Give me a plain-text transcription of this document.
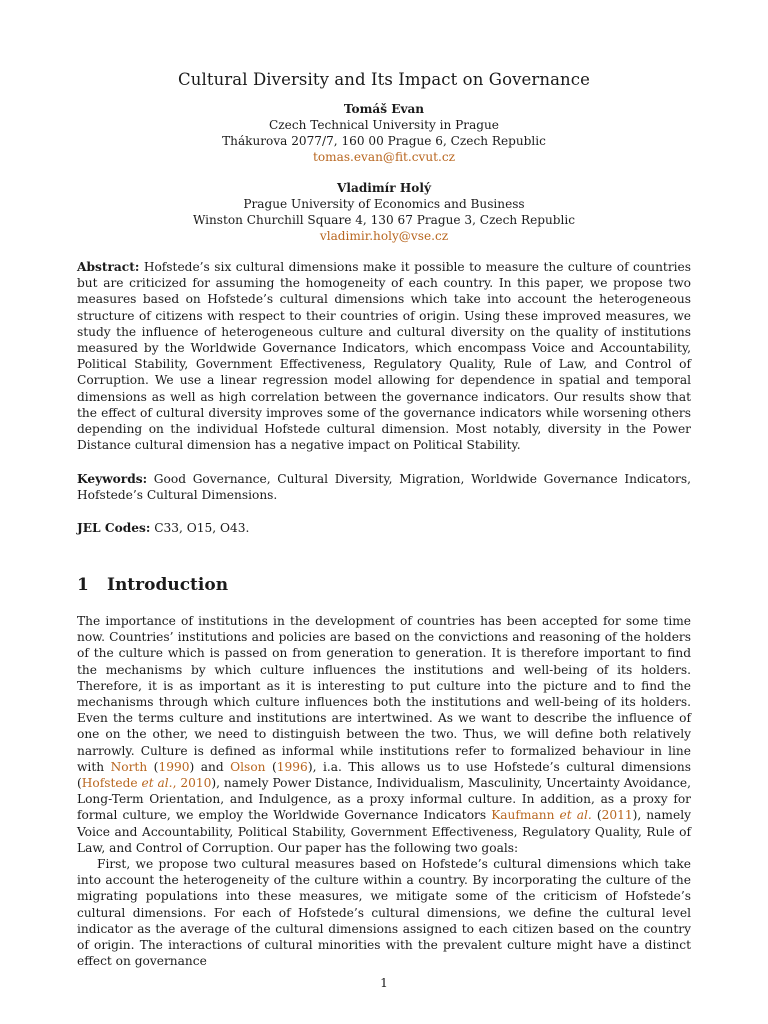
Cultural Diversity and Its Impact on Governance
Tomáš Evan
Czech Technical University in Prague
Thákurova 2077/7, 160 00 Prague 6, Czech Republic
tomas.evan@fit.cvut.cz
Vladimír Holý
Prague University of Economics and Business
Winston Churchill Square 4, 130 67 Prague 3, Czech Republic
vladimir.holy@vse.cz

Abstract: Hofstede’s six cultural dimensions make it possible to measure the culture of countries but are criticized for assuming the homogeneity of each country. In this paper, we propose two measures based on Hofstede’s cultural dimensions which take into account the heterogeneous structure of citizens with respect to their countries of origin. Using these improved measures, we study the influence of heterogeneous culture and cultural diversity on the quality of institutions measured by the Worldwide Governance Indicators, which encompass Voice and Accountability, Political Stability, Government Effectiveness, Regulatory Quality, Rule of Law, and Control of Corruption. We use a linear regression model allowing for dependence in spatial and temporal dimensions as well as high correlation between the governance indicators. Our results show that the effect of cultural diversity improves some of the governance indicators while worsening others depending on the individual Hofstede cultural dimension. Most notably, diversity in the Power Distance cultural dimension has a negative impact on Political Stability.

Keywords: Good Governance, Cultural Diversity, Migration, Worldwide Governance Indicators, Hofstede’s Cultural Dimensions.

JEL Codes: C33, O15, O43.

1 Introduction

The importance of institutions in the development of countries has been accepted for some time now. Countries’ institutions and policies are based on the convictions and reasoning of the holders of the culture which is passed on from generation to generation. It is therefore important to find the mechanisms by which culture influences the institutions and well-being of its holders. Therefore, it is as important as it is interesting to put culture into the picture and to find the mechanisms through which culture influences both the institutions and well-being of its holders. Even the terms culture and institutions are intertwined. As we want to describe the influence of one on the other, we need to distinguish between the two. Thus, we will define both relatively narrowly. Culture is defined as informal while institutions refer to formalized behaviour in line with North (1990) and Olson (1996), i.a. This allows us to use Hofstede’s cultural dimensions (Hofstede et al., 2010), namely Power Distance, Individualism, Masculinity, Uncertainty Avoidance, Long-Term Orientation, and Indulgence, as a proxy informal culture. In addition, as a proxy for formal culture, we employ the Worldwide Governance Indicators Kaufmann et al. (2011), namely Voice and Accountability, Political Stability, Government Effectiveness, Regulatory Quality, Rule of Law, and Control of Corruption. Our paper has the following two goals:

First, we propose two cultural measures based on Hofstede’s cultural dimensions which take into account the heterogeneity of the culture within a country. By incorporating the culture of the migrating populations into these measures, we mitigate some of the criticism of Hofstede’s cultural dimensions. For each of Hofstede’s cultural dimensions, we define the cultural level indicator as the average of the cultural dimensions assigned to each citizen based on the country of origin. The interactions of cultural minorities with the prevalent culture might have a distinct effect on governance

1
